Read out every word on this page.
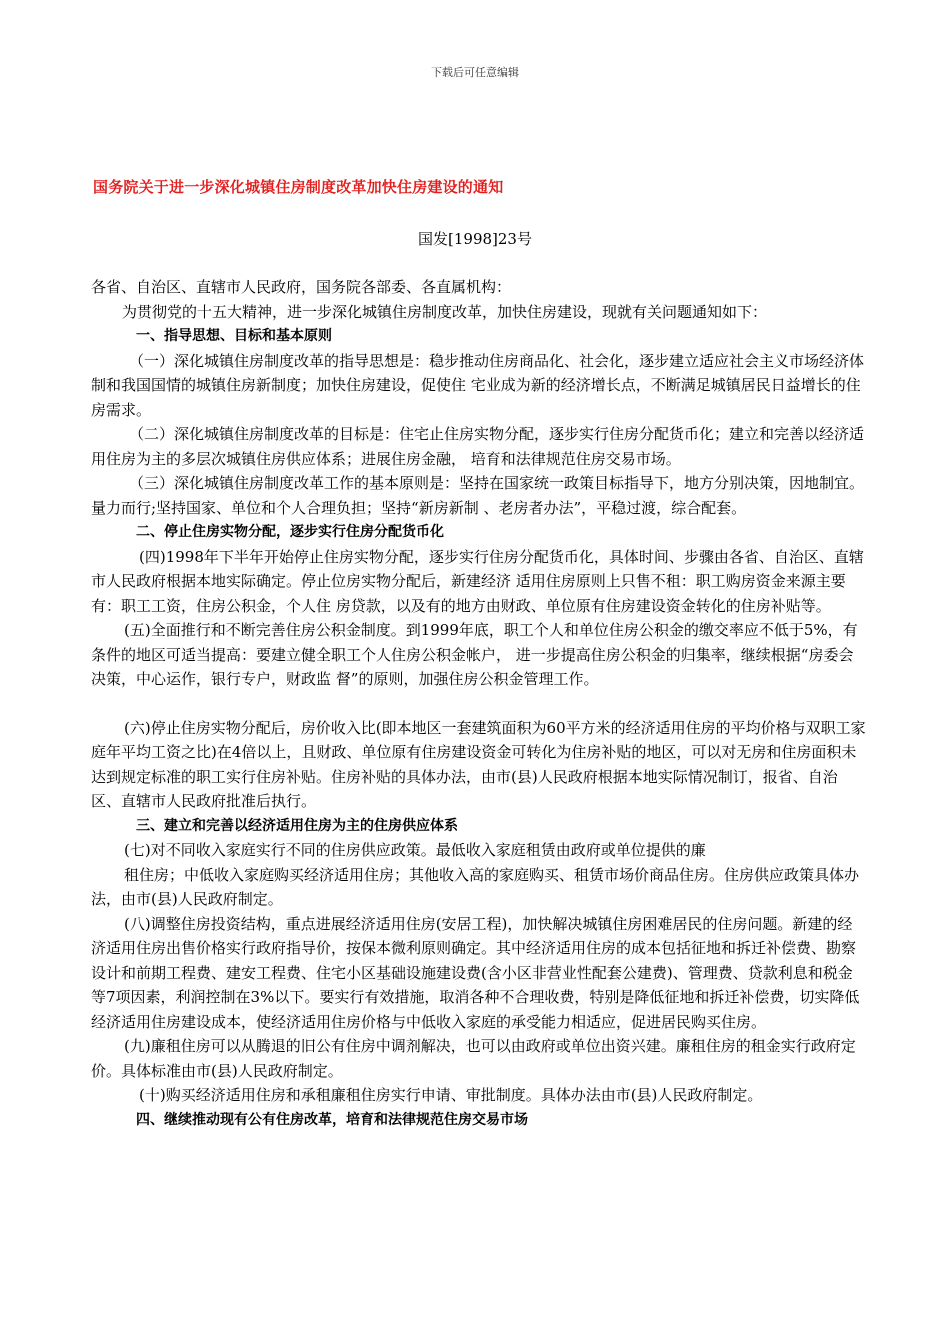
下载后可任意编辑
国务院关于进一步深化城镇住房制度改革加快住房建设的通知
国发[1998]23号

各省、自治区、直辖市人民政府，国务院各部委、各直属机构：

为贯彻党的十五大精神，进一步深化城镇住房制度改革，加快住房建设，现就有关问题通知如下：

一、指导思想、目标和基本原则

（一）深化城镇住房制度改革的指导思想是：稳步推动住房商品化、社会化，逐步建立适应社会主义市场经济体制和我国国情的城镇住房新制度；加快住房建设，促使住 宅业成为新的经济增长点，不断满足城镇居民日益增长的住房需求。

（二）深化城镇住房制度改革的目标是：住宅止住房实物分配，逐步实行住房分配货币化；建立和完善以经济适用住房为主的多层次城镇住房供应体系；进展住房金融， 培育和法律规范住房交易市场。

（三）深化城镇住房制度改革工作的基本原则是：坚持在国家统一政策目标指导下，地方分别决策，因地制宜。量力而行;坚持国家、单位和个人合理负担；坚持“新房新制 、老房者办法”，平稳过渡，综合配套。

二、停止住房实物分配，逐步实行住房分配货币化

(四)1998年下半年开始停止住房实物分配，逐步实行住房分配货币化，具体时间、步骤由各省、自治区、直辖市人民政府根据本地实际确定。停止位房实物分配后，新建经济 适用住房原则上只售不租：职工购房资金来源主要有：职工工资，住房公积金，个人住 房贷款，以及有的地方由财政、单位原有住房建设资金转化的住房补贴等。

(五)全面推行和不断完善住房公积金制度。到1999年底，职工个人和单位住房公积金的缴交率应不低于5%，有条件的地区可适当提高：要建立健全职工个人住房公积金帐户， 进一步提高住房公积金的归集率，继续根据“房委会决策，中心运作，银行专户，财政监 督”的原则，加强住房公积金管理工作。

(六)停止住房实物分配后，房价收入比(即本地区一套建筑面积为60平方米的经济适用住房的平均价格与双职工家庭年平均工资之比)在4倍以上，且财政、单位原有住房建设资金可转化为住房补贴的地区，可以对无房和住房面积未达到规定标准的职工实行住房补贴。住房补贴的具体办法，由市(县)人民政府根据本地实际情况制订，报省、自治区、直辖市人民政府批准后执行。

三、建立和完善以经济适用住房为主的住房供应体系

(七)对不同收入家庭实行不同的住房供应政策。最低收入家庭租赁由政府或单位提供的廉

租住房；中低收入家庭购买经济适用住房；其他收入高的家庭购买、租赁市场价商品住房。住房供应政策具体办法，由市(县)人民政府制定。

(八)调整住房投资结构，重点进展经济适用住房(安居工程)，加快解决城镇住房困难居民的住房问题。新建的经济适用住房出售价格实行政府指导价，按保本微利原则确定。其中经济适用住房的成本包括征地和拆迁补偿费、勘察设计和前期工程费、建安工程费、住宅小区基础设施建设费(含小区非营业性配套公建费)、管理费、贷款利息和税金等7项因素，利润控制在3%以下。要实行有效措施，取消各种不合理收费，特别是降低征地和拆迁补偿费，切实降低经济适用住房建设成本，使经济适用住房价格与中低收入家庭的承受能力相适应，促进居民购买住房。

(九)廉租住房可以从腾退的旧公有住房中调剂解决，也可以由政府或单位出资兴建。廉租住房的租金实行政府定价。具体标准由市(县)人民政府制定。

(十)购买经济适用住房和承租廉租住房实行申请、审批制度。具体办法由市(县)人民政府制定。

四、继续推动现有公有住房改革，培育和法律规范住房交易市场
